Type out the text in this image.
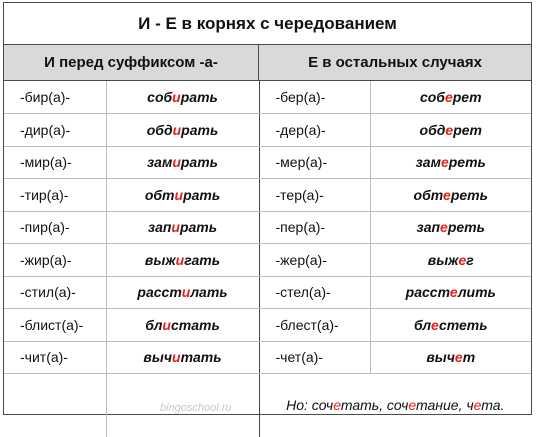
И - Е в корнях с чередованием
И перед суффиксом -а-	Е в остальных случаях
-бир(а)-	собирать	-бер(а)-	соберет
-дир(а)-	обдирать	-дер(а)-	обдерет
-мир(а)-	замирать	-мер(а)-	замереть
-тир(а)-	обтирать	-тер(а)-	обтереть
-пир(а)-	запирать	-пер(а)-	запереть
-жир(а)-	выжигать	-жер(а)-	выжег
-стил(а)-	расстилать	-стел(а)-	расстелить
-блист(а)-	блистать	-блест(а)-	блестеть
-чит(а)-	вычитать	-чет(а)-	вычет
		Но: сочетать, сочетание, чета.	
bingoschool.ru
